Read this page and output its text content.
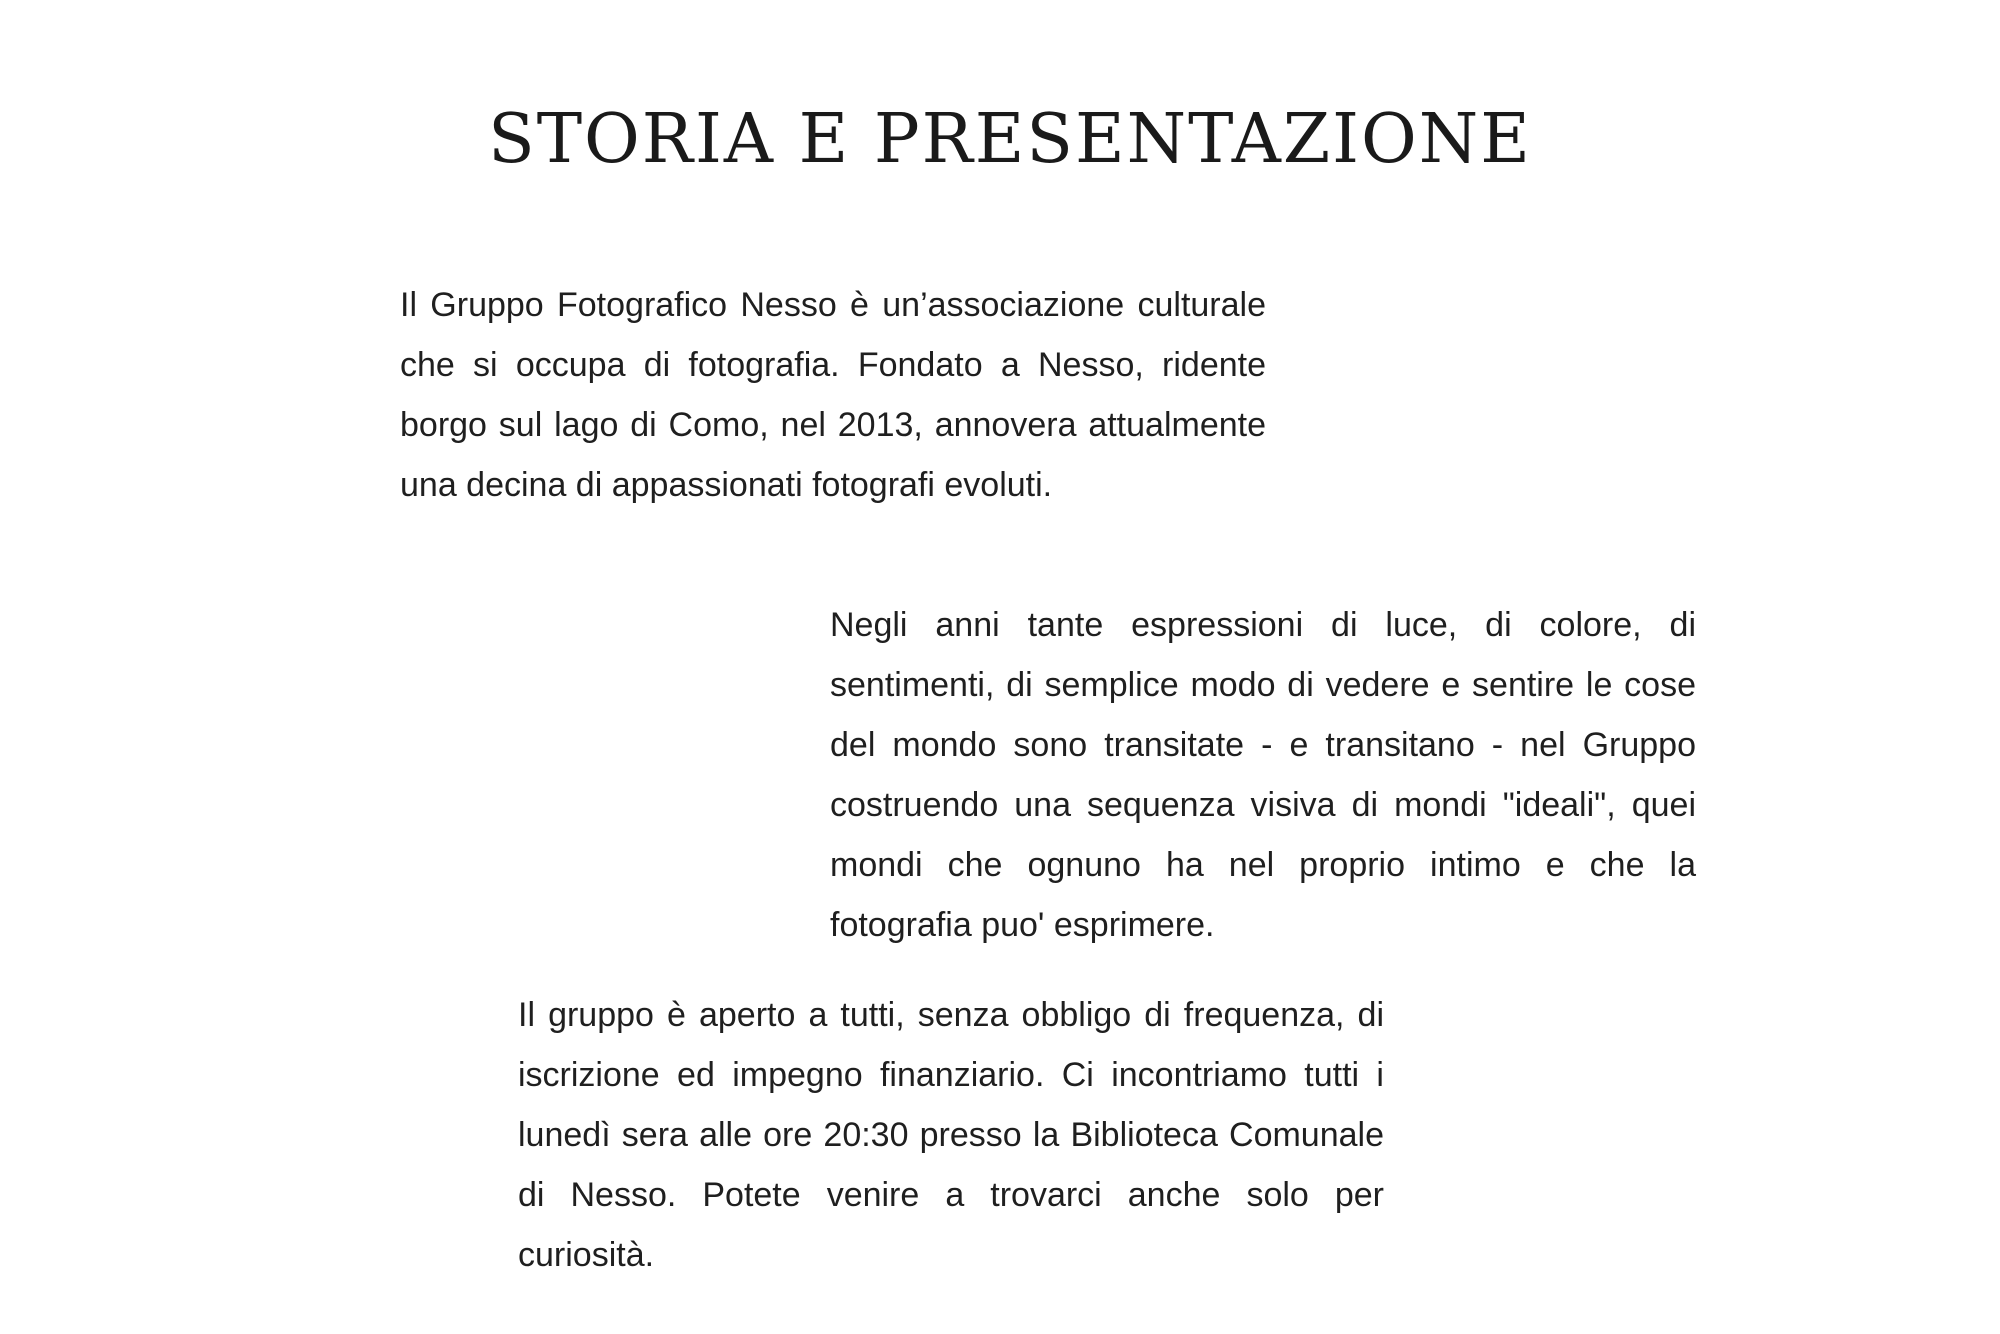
STORIA E PRESENTAZIONE

Il Gruppo Fotografico Nesso è un’associazione culturale che si occupa di fotografia. Fondato a Nesso, ridente borgo sul lago di Como, nel 2013, annovera attualmente una decina di appassionati fotografi evoluti.

Negli anni tante espressioni di luce, di colore, di sentimenti, di semplice modo di vedere e sentire le cose del mondo sono transitate - e transitano - nel Gruppo costruendo una sequenza visiva di mondi "ideali", quei mondi che ognuno ha nel proprio intimo e che la fotografia puo' esprimere.

Il gruppo è aperto a tutti, senza obbligo di frequenza, di iscrizione ed impegno finanziario. Ci incontriamo tutti i lunedì sera alle ore 20:30 presso la Biblioteca Comunale di Nesso. Potete venire a trovarci anche solo per curiosità.
